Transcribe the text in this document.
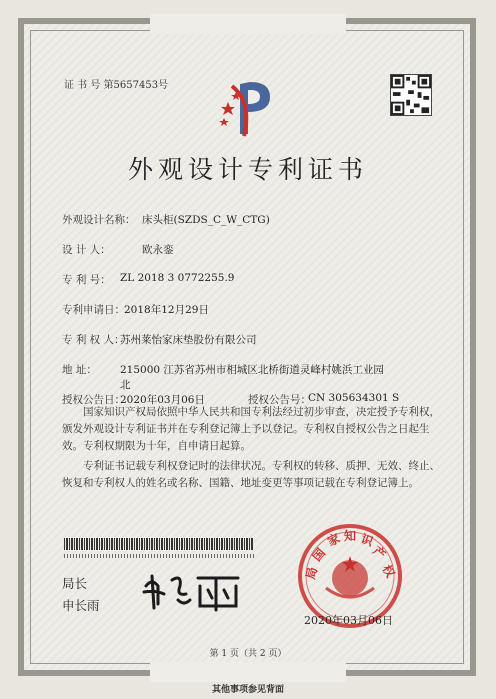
证 书 号 第5657453号
外观设计专利证书
外观设计名称： 床头柜(SZDS_C_W_CTG)
设 计 人：	欧永銮
专 利 号： ZL 2018 3 0772255.9
专利申请日： 2018年12月29日
专 利 权 人：
苏州莱怡家床垫股份有限公司
地 址： 215000 江苏省苏州市相城区北桥街道灵峰村姚浜工业园
北
授权公告日：
2020年03月06日	授权公告号：
CN 305634301 S
国家知识产权局依照中华人民共和国专利法经过初步审查，决定授予专利权，颁发外观设计专利证书并在专利登记簿上予以登记。专利权自授权公告之日起生效。专利权期限为十年，自申请日起算。
专利证书记载专利权登记时的法律状况。专利权的转移、质押、无效、终止、恢复和专利权人的姓名或名称、国籍、地址变更等事项记载在专利登记簿上。
局长
申长雨
国
家 知 识
产
权
局
2020年03月06日
第 1 页（共 2 页）
其他事项参见背面
